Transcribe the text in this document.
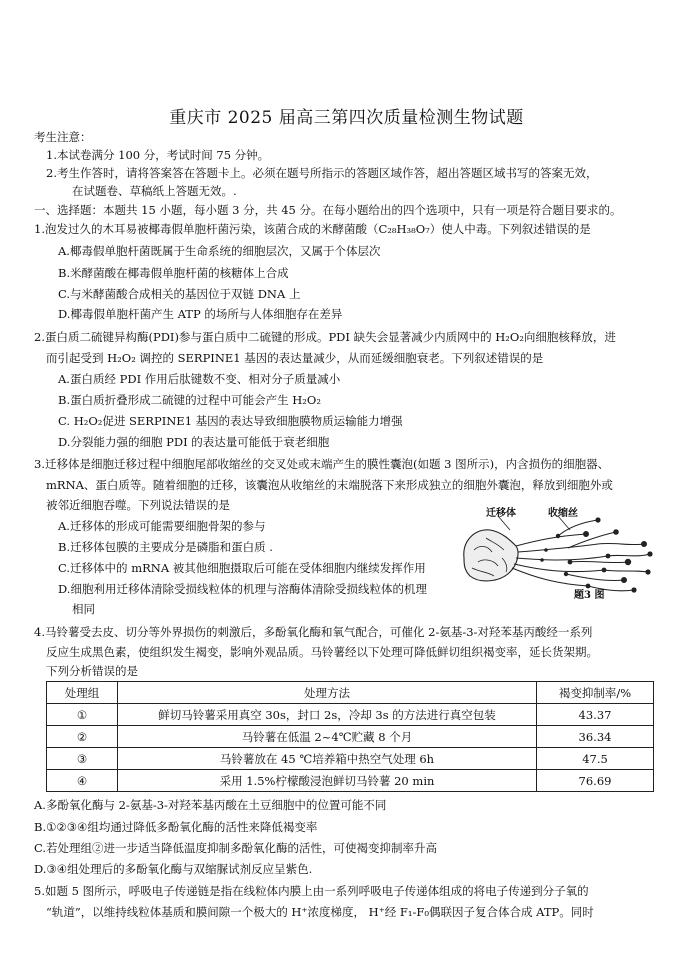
重庆市 2025 届高三第四次质量检测生物试题
考生注意：
1.本试卷满分 100 分，考试时间 75 分钟。
2.考生作答时，请将答案答在答题卡上。必须在题号所指示的答题区域作答，超出答题区域书写的答案无效，
在试题卷、草稿纸上答题无效。.
一、选择题：本题共 15 小题，每小题 3 分，共 45 分。在每小题给出的四个选项中，只有一项是符合题目要求的。
1.泡发过久的木耳易被椰毒假单胞杆菌污染，该菌合成的米酵菌酸（C₂₈H₃₈O₇）使人中毒。下列叙述错误的是
A.椰毒假单胞杆菌既属于生命系统的细胞层次，又属于个体层次
B.米酵菌酸在椰毒假单胞杆菌的核糖体上合成
C.与米酵菌酸合成相关的基因位于双链 DNA 上
D.椰毒假单胞杆菌产生 ATP 的场所与人体细胞存在差异
2.蛋白质二硫键异构酶(PDI)参与蛋白质中二硫键的形成。PDI 缺失会显著减少内质网中的 H₂O₂向细胞核释放，进
而引起受到 H₂O₂ 调控的 SERPINE1 基因的表达量减少，从而延缓细胞衰老。下列叙述错误的是
A.蛋白质经 PDI 作用后肽键数不变、相对分子质量减小
B.蛋白质折叠形成二硫键的过程中可能会产生 H₂O₂
C. H₂O₂促进 SERPINE1 基因的表达导致细胞膜物质运输能力增强
D.分裂能力强的细胞 PDI 的表达量可能低于衰老细胞
3.迁移体是细胞迁移过程中细胞尾部收缩丝的交叉处或末端产生的膜性囊泡(如题 3 图所示)，内含损伤的细胞器、
mRNA、蛋白质等。随着细胞的迁移，该囊泡从收缩丝的末端脱落下来形成独立的细胞外囊泡，释放到细胞外或
被邻近细胞吞噬。下列说法错误的是
A.迁移体的形成可能需要细胞骨架的参与
B.迁移体包膜的主要成分是磷脂和蛋白质 .
C.迁移体中的 mRNA 被其他细胞摄取后可能在受体细胞内继续发挥作用
D.细胞利用迁移体清除受损线粒体的机理与溶酶体清除受损线粒体的机理
相同
迁移体	收缩丝
题3 图
4.马铃薯受去皮、切分等外界损伤的刺激后，多酚氧化酶和氧气配合，可催化 2-氨基-3-对羟苯基丙酸经一系列
反应生成黑色素，使组织发生褐变，影响外观品质。马铃薯经以下处理可降低鲜切组织褐变率，延长货架期。
下列分析错误的是
处理组	处理方法	褐变抑制率/%
①	鲜切马铃薯采用真空 30s，封口 2s，冷却 3s 的方法进行真空包装	43.37
②	马铃薯在低温 2~4℃贮藏 8 个月	36.34
③	马铃薯放在 45 ℃培养箱中热空气处理 6h	47.5
④	采用 1.5%柠檬酸浸泡鲜切马铃薯 20 min	76.69
A.多酚氧化酶与 2-氨基-3-对羟苯基丙酸在土豆细胞中的位置可能不同
B.①②③④组均通过降低多酚氧化酶的活性来降低褐变率
C.若处理组②进一步适当降低温度抑制多酚氧化酶的活性，可使褐变抑制率升高
D.③④组处理后的多酚氧化酶与双缩脲试剂反应呈紫色.
5.如题 5 图所示，呼吸电子传递链是指在线粒体内膜上由一系列呼吸电子传递体组成的将电子传递到分子氧的
“轨道”，以维持线粒体基质和膜间隙一个极大的 H⁺浓度梯度， H⁺经 F₁-F₀偶联因子复合体合成 ATP。同时
